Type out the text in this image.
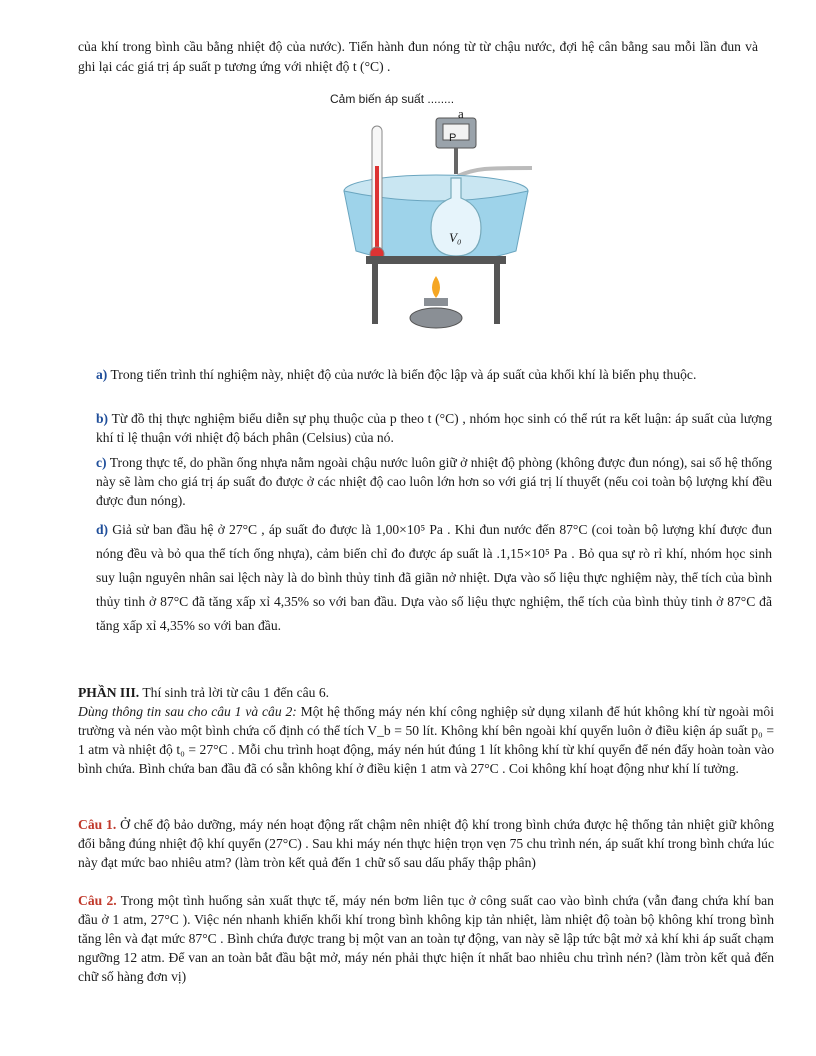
của khí trong bình cầu bằng nhiệt độ của nước). Tiến hành đun nóng từ từ chậu nước, đợi hệ cân bằng sau mỗi lần đun và ghi lại các giá trị áp suất p tương ứng với nhiệt độ t (°C) .

Cảm biến áp suất ........
a
P
V₀

a) Trong tiến trình thí nghiệm này, nhiệt độ của nước là biến độc lập và áp suất của khối khí là biến phụ thuộc.

b) Từ đồ thị thực nghiệm biểu diễn sự phụ thuộc của p theo t (°C) , nhóm học sinh có thể rút ra kết luận: áp suất của lượng khí tỉ lệ thuận với nhiệt độ bách phân (Celsius) của nó.

c) Trong thực tế, do phần ống nhựa nằm ngoài chậu nước luôn giữ ở nhiệt độ phòng (không được đun nóng), sai số hệ thống này sẽ làm cho giá trị áp suất đo được ở các nhiệt độ cao luôn lớn hơn so với giá trị lí thuyết (nếu coi toàn bộ lượng khí đều được đun nóng).

d) Giả sử ban đầu hệ ở 27°C , áp suất đo được là 1,00×10⁵ Pa . Khi đun nước đến 87°C (coi toàn bộ lượng khí được đun nóng đều và bỏ qua thể tích ống nhựa), cảm biến chỉ đo được áp suất là .1,15×10⁵ Pa . Bỏ qua sự rò rỉ khí, nhóm học sinh suy luận nguyên nhân sai lệch này là do bình thủy tinh đã giãn nở nhiệt. Dựa vào số liệu thực nghiệm này, thể tích của bình thủy tinh ở 87°C đã tăng xấp xỉ 4,35% so với ban đầu. Dựa vào số liệu thực nghiệm, thể tích của bình thủy tinh ở 87°C đã tăng xấp xỉ 4,35% so với ban đầu.

PHẦN III. Thí sinh trả lời từ câu 1 đến câu 6.

Dùng thông tin sau cho câu 1 và câu 2: Một hệ thống máy nén khí công nghiệp sử dụng xilanh để hút không khí từ ngoài môi trường và nén vào một bình chứa cố định có thể tích V_b = 50 lít. Không khí bên ngoài khí quyển luôn ở điều kiện áp suất p₀ = 1 atm và nhiệt độ t₀ = 27°C . Mỗi chu trình hoạt động, máy nén hút đúng 1 lít không khí từ khí quyển để nén đẩy hoàn toàn vào bình chứa. Bình chứa ban đầu đã có sẵn không khí ở điều kiện 1 atm và 27°C . Coi không khí hoạt động như khí lí tưởng.

Câu 1. Ở chế độ bảo dưỡng, máy nén hoạt động rất chậm nên nhiệt độ khí trong bình chứa được hệ thống tản nhiệt giữ không đổi bằng đúng nhiệt độ khí quyển (27°C) . Sau khi máy nén thực hiện trọn vẹn 75 chu trình nén, áp suất khí trong bình chứa lúc này đạt mức bao nhiêu atm? (làm tròn kết quả đến 1 chữ số sau dấu phẩy thập phân)

Câu 2. Trong một tình huống sản xuất thực tế, máy nén bơm liên tục ở công suất cao vào bình chứa (vẫn đang chứa khí ban đầu ở 1 atm, 27°C ). Việc nén nhanh khiến khối khí trong bình không kịp tản nhiệt, làm nhiệt độ toàn bộ không khí trong bình tăng lên và đạt mức 87°C . Bình chứa được trang bị một van an toàn tự động, van này sẽ lập tức bật mở xả khí khi áp suất chạm ngưỡng 12 atm. Để van an toàn bắt đầu bật mở, máy nén phải thực hiện ít nhất bao nhiêu chu trình nén? (làm tròn kết quả đến chữ số hàng đơn vị)
